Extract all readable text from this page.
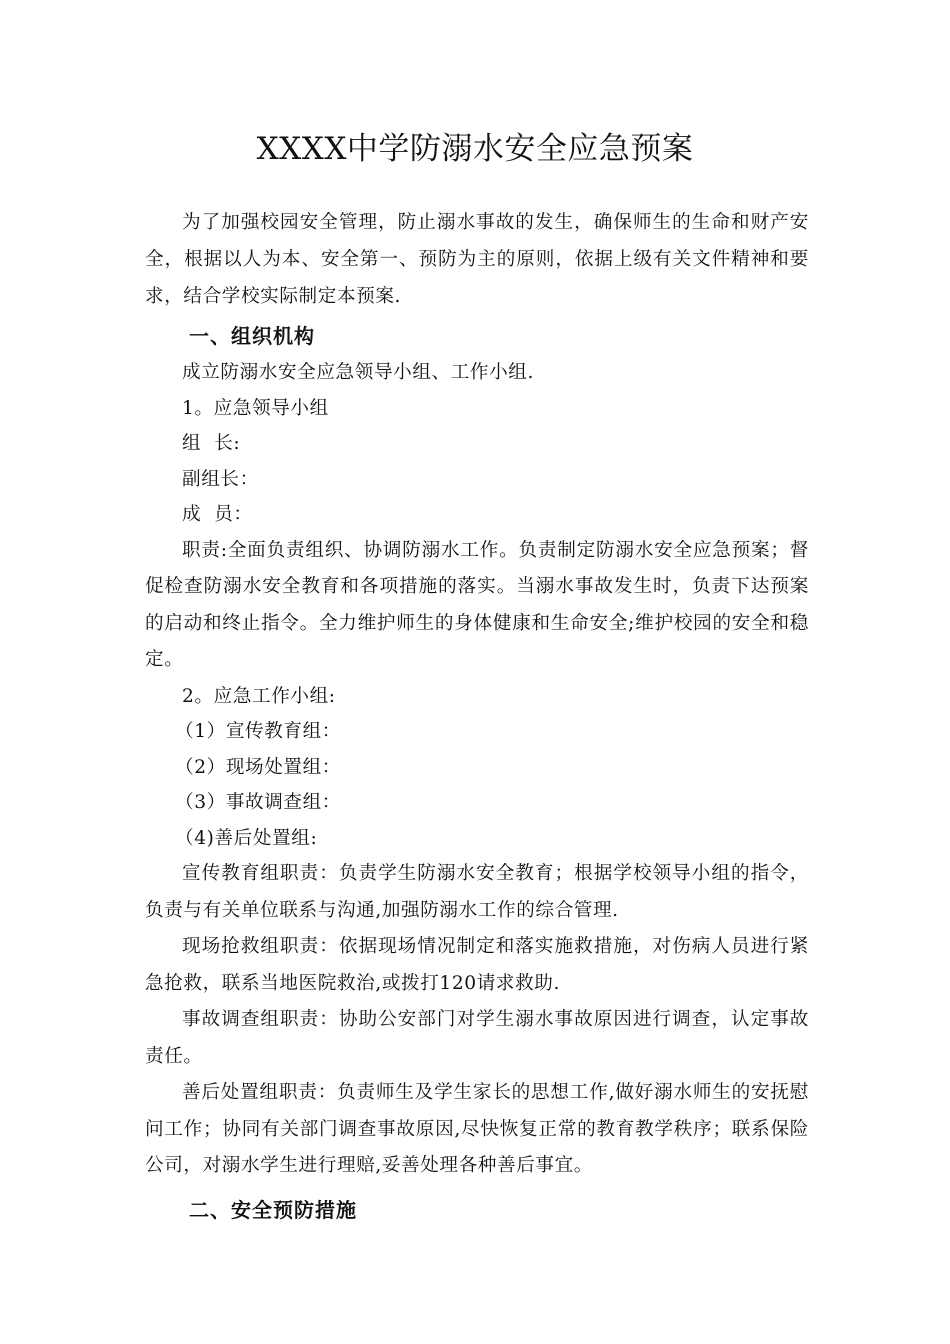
XXXX中学防溺水安全应急预案

为了加强校园安全管理，防止溺水事故的发生，确保师生的生命和财产安全，根据以人为本、安全第一、预防为主的原则，依据上级有关文件精神和要求，结合学校实际制定本预案.

一、组织机构

成立防溺水安全应急领导小组、工作小组.

1。应急领导小组

组  长:

副组长：

成  员：

职责:全面负责组织、协调防溺水工作。负责制定防溺水安全应急预案；督促检查防溺水安全教育和各项措施的落实。当溺水事故发生时，负责下达预案的启动和终止指令。全力维护师生的身体健康和生命安全;维护校园的安全和稳定。

2。应急工作小组:

（1）宣传教育组：

（2）现场处置组：

（3）事故调查组：

（4)善后处置组:

宣传教育组职责：负责学生防溺水安全教育；根据学校领导小组的指令，负责与有关单位联系与沟通,加强防溺水工作的综合管理.

现场抢救组职责：依据现场情况制定和落实施救措施，对伤病人员进行紧急抢救，联系当地医院救治,或拨打120请求救助.

事故调查组职责：协助公安部门对学生溺水事故原因进行调查，认定事故责任。

善后处置组职责：负责师生及学生家长的思想工作,做好溺水师生的安抚慰问工作；协同有关部门调查事故原因,尽快恢复正常的教育教学秩序；联系保险公司，对溺水学生进行理赔,妥善处理各种善后事宜。

二、安全预防措施
